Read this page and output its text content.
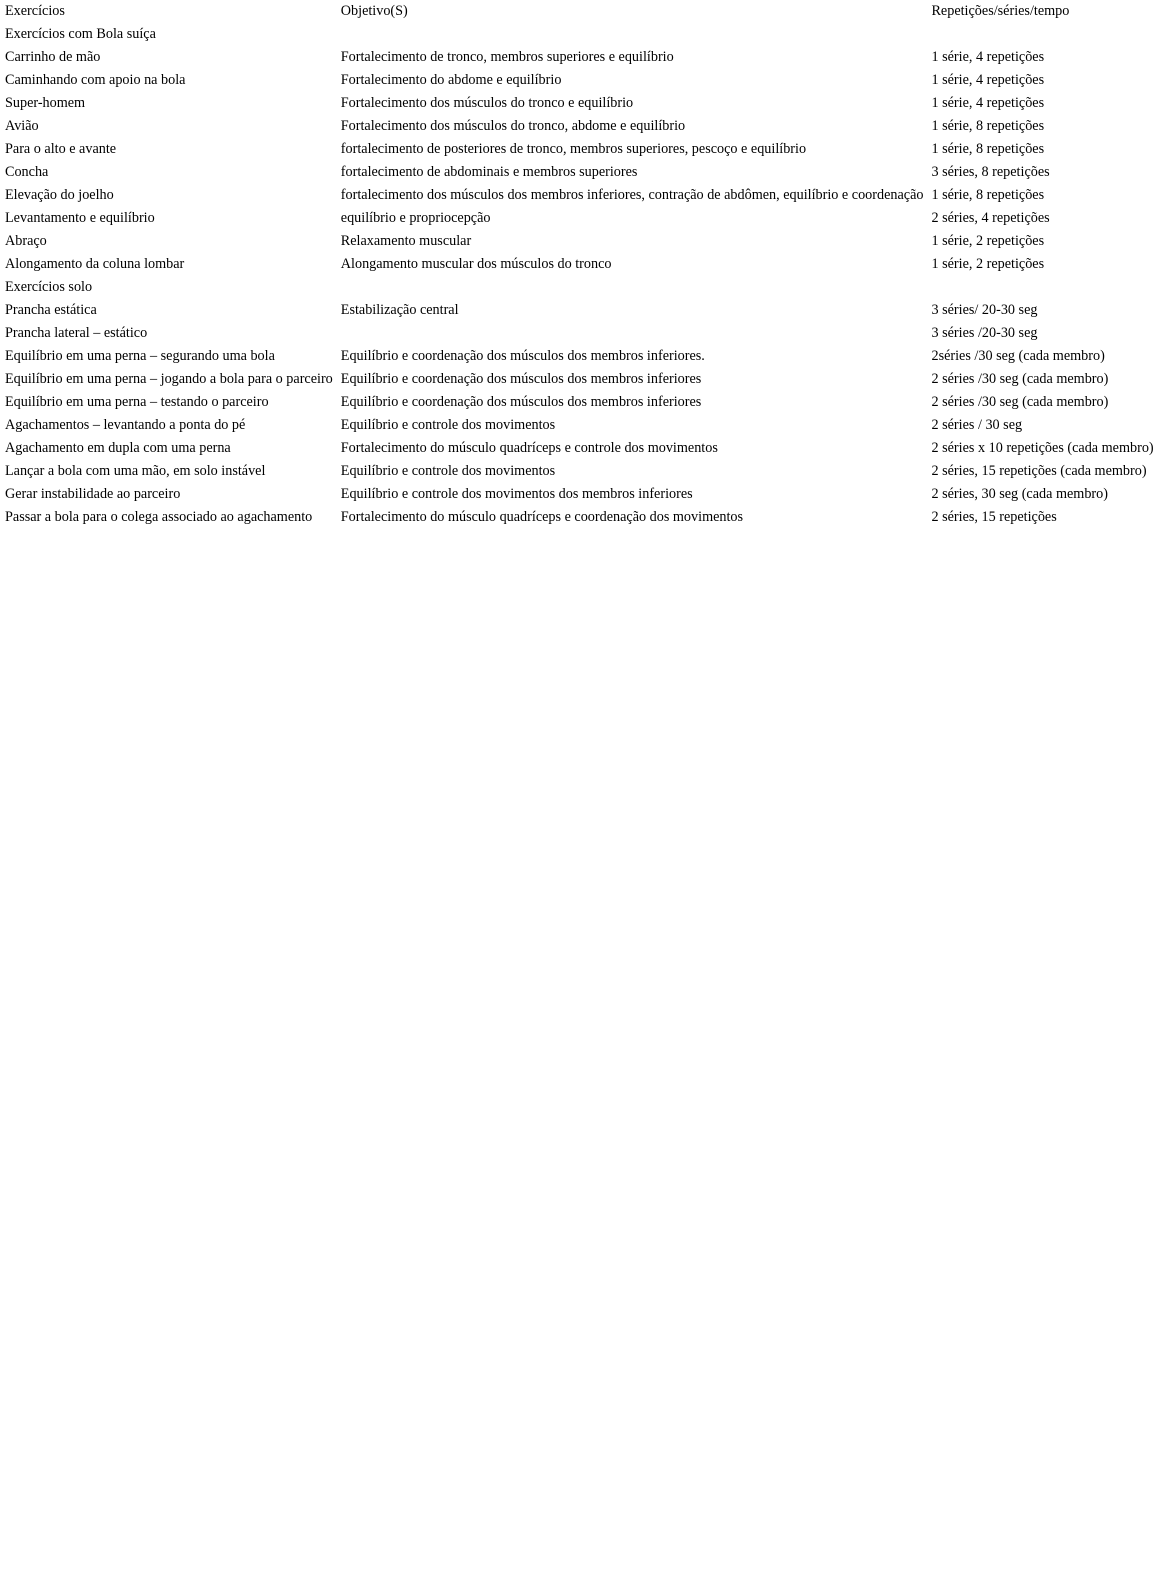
Exercícios	Objetivo(S)	Repetições/séries/tempo
Exercícios com Bola suíça		
Carrinho de mão	Fortalecimento de tronco, membros superiores e equilíbrio	1 série, 4 repetições
Caminhando com apoio na bola	Fortalecimento do abdome e equilíbrio	1 série, 4 repetições
Super-homem	Fortalecimento dos músculos do tronco e equilíbrio	1 série, 4 repetições
Avião	Fortalecimento dos músculos do tronco, abdome e equilíbrio	1 série, 8 repetições
Para o alto e avante	fortalecimento de posteriores de tronco, membros superiores, pescoço e equilíbrio	1 série, 8 repetições
Concha	fortalecimento de abdominais e membros superiores	3 séries, 8 repetições
Elevação do joelho	fortalecimento dos músculos dos membros inferiores, contração de abdômen, equilíbrio e coordenação	1 série, 8 repetições
Levantamento e equilíbrio	equilíbrio e propriocepção	2 séries, 4 repetições
Abraço	Relaxamento muscular	1 série, 2 repetições
Alongamento da coluna lombar	Alongamento muscular dos músculos do tronco	1 série, 2 repetições
Exercícios solo		
Prancha estática	Estabilização central	3 séries/ 20-30 seg
Prancha lateral – estático		3 séries /20-30 seg
Equilíbrio em uma perna – segurando uma bola	Equilíbrio e coordenação dos músculos dos membros inferiores.	2séries /30 seg (cada membro)
Equilíbrio em uma perna – jogando a bola para o parceiro	Equilíbrio e coordenação dos músculos dos membros inferiores	2 séries /30 seg (cada membro)
Equilíbrio em uma perna – testando o parceiro	Equilíbrio e coordenação dos músculos dos membros inferiores	2 séries /30 seg (cada membro)
Agachamentos – levantando a ponta do pé	Equilíbrio e controle dos movimentos	2 séries / 30 seg
Agachamento em dupla com uma perna	Fortalecimento do músculo quadríceps e controle dos movimentos	2 séries x 10 repetições (cada membro)
Lançar a bola com uma mão, em solo instável	Equilíbrio e controle dos movimentos	2 séries, 15 repetições (cada membro)
Gerar instabilidade ao parceiro	Equilíbrio e controle dos movimentos dos membros inferiores	2 séries, 30 seg (cada membro)
Passar a bola para o colega associado ao agachamento	Fortalecimento do músculo quadríceps e coordenação dos movimentos	2 séries, 15 repetições
